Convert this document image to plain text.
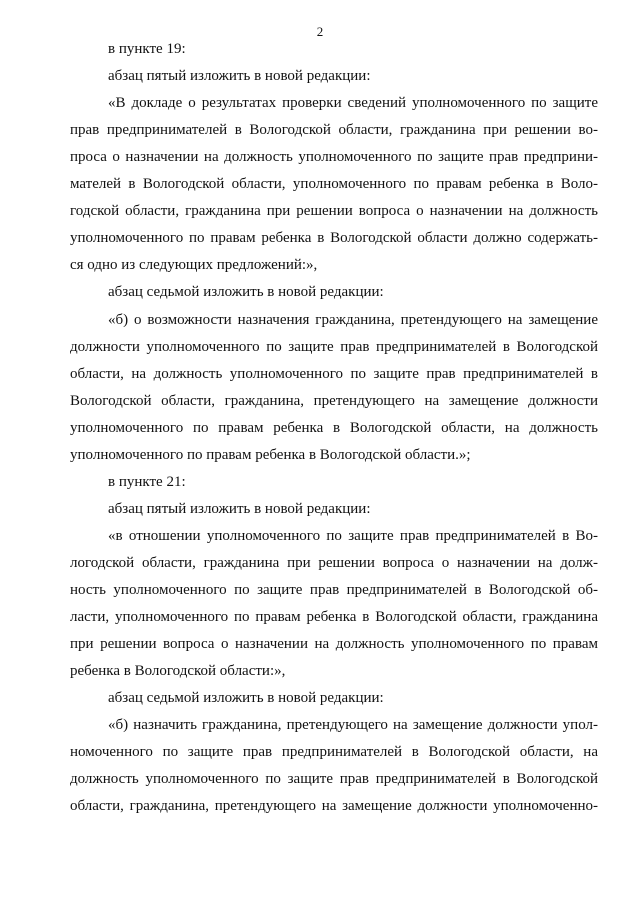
2
в пункте 19:
абзац пятый изложить в новой редакции:
«В докладе о результатах проверки сведений уполномоченного по защите
прав предпринимателей в Вологодской области, гражданина при решении во-
проса о назначении на должность уполномоченного по защите прав предприни-
мателей в Вологодской области, уполномоченного по правам ребенка в Воло-
годской области, гражданина при решении вопроса о назначении на должность
уполномоченного по правам ребенка в Вологодской области должно содержать-
ся одно из следующих предложений:»,
абзац седьмой изложить в новой редакции:
«б) о возможности назначения гражданина, претендующего на замещение
должности уполномоченного по защите прав предпринимателей в Вологодской
области, на должность уполномоченного по защите прав предпринимателей в
Вологодской области, гражданина, претендующего на замещение должности
уполномоченного по правам ребенка в Вологодской области, на должность
уполномоченного по правам ребенка в Вологодской области.»;
в пункте 21:
абзац пятый изложить в новой редакции:
«в отношении уполномоченного по защите прав предпринимателей в Во-
логодской области, гражданина при решении вопроса о назначении на долж-
ность уполномоченного по защите прав предпринимателей в Вологодской об-
ласти, уполномоченного по правам ребенка в Вологодской области, гражданина
при решении вопроса о назначении на должность уполномоченного по правам
ребенка в Вологодской области:»,
абзац седьмой изложить в новой редакции:
«б) назначить гражданина, претендующего на замещение должности упол-
номоченного по защите прав предпринимателей в Вологодской области, на
должность уполномоченного по защите прав предпринимателей в Вологодской
области, гражданина, претендующего на замещение должности уполномоченно-
